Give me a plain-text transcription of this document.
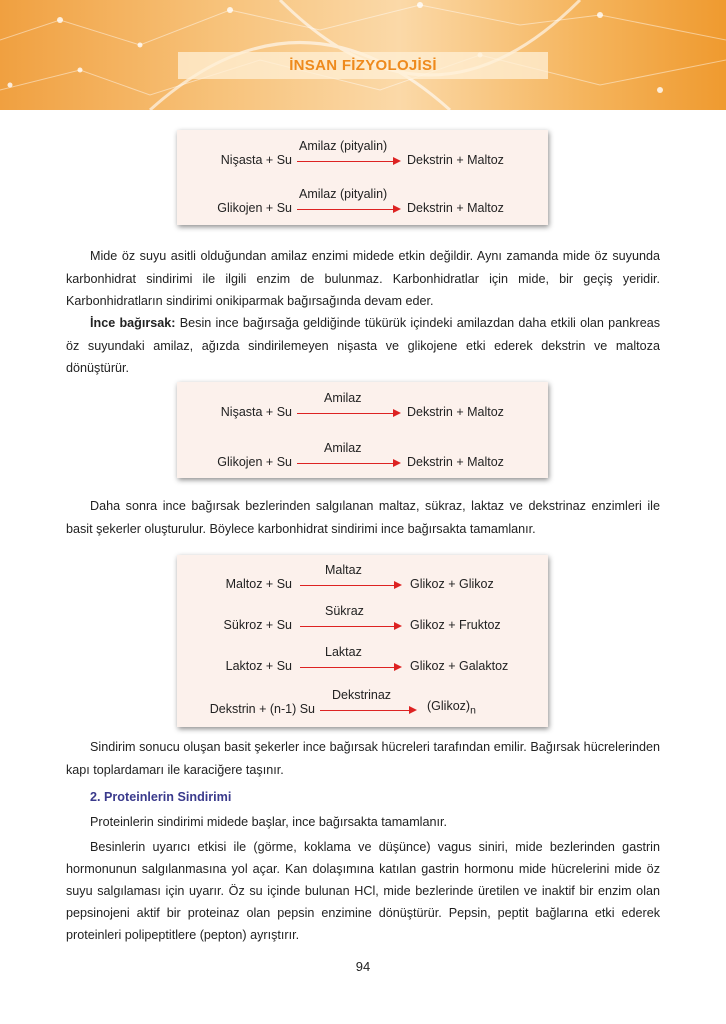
İNSAN FİZYOLOJİSİ
Nişasta + Su
Amilaz (pityalin)
Dekstrin + Maltoz
Glikojen + Su
Amilaz (pityalin)
Dekstrin + Maltoz
Mide öz suyu asitli olduğundan amilaz enzimi midede etkin değildir. Aynı zamanda mide öz suyunda karbonhidrat sindirimi ile ilgili enzim de bulunmaz. Karbonhidratlar için mide, bir geçiş yeridir. Karbonhidratların sindirimi onikiparmak bağırsağında devam eder.
İnce bağırsak: Besin ince bağırsağa geldiğinde tükürük içindeki amilazdan daha etkili olan pankreas öz suyundaki amilaz, ağızda sindirilemeyen nişasta ve glikojene etki ederek dekstrin ve maltoza dönüştürür.
Nişasta + Su
Amilaz
Dekstrin + Maltoz
Glikojen + Su
Amilaz
Dekstrin + Maltoz
Daha sonra ince bağırsak bezlerinden salgılanan maltaz, sükraz, laktaz ve dekstrinaz enzimleri ile basit şekerler oluşturulur. Böylece karbonhidrat sindirimi ince bağırsakta tamamlanır.
Maltoz + Su
Maltaz
Glikoz + Glikoz
Sükroz + Su
Sükraz
Glikoz + Fruktoz
Laktoz + Su
Laktaz
Glikoz + Galaktoz
Dekstrin + (n-1) Su
Dekstrinaz
$(Glikoz)_n$
Sindirim sonucu oluşan basit şekerler ince bağırsak hücreleri tarafından emilir. Bağırsak hücrelerinden kapı toplardamarı ile karaciğere taşınır.
2. Proteinlerin Sindirimi
Proteinlerin sindirimi midede başlar, ince bağırsakta tamamlanır.
Besinlerin uyarıcı etkisi ile (görme, koklama ve düşünce) vagus siniri, mide bezlerinden gastrin hormonunun salgılanmasına yol açar. Kan dolaşımına katılan gastrin hormonu mide hücrelerini mide öz suyu salgılaması için uyarır. Öz su içinde bulunan HCl, mide bezlerinde üretilen ve inaktif bir enzim olan pepsinojeni aktif bir proteinaz olan pepsin enzimine dönüştürür. Pepsin, peptit bağlarına etki ederek proteinleri polipeptitlere (pepton) ayrıştırır.
94
